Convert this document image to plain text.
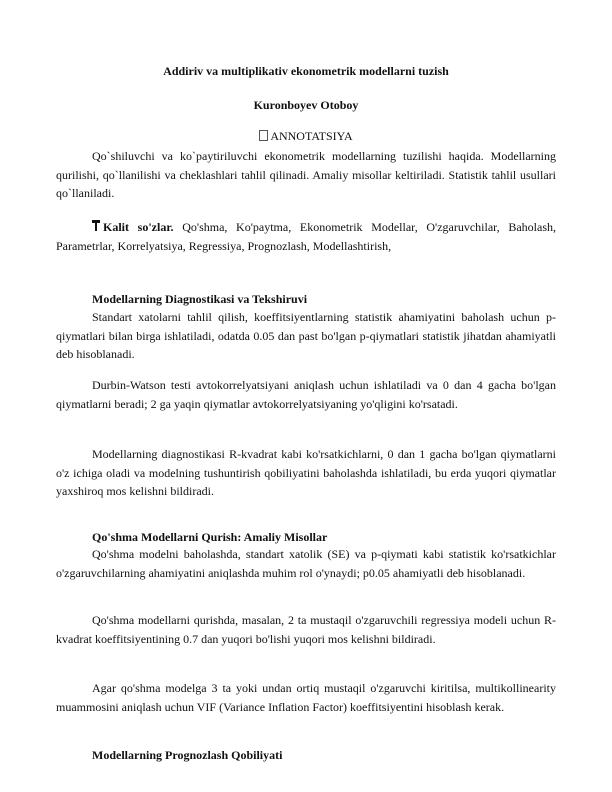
Addiriv va multiplikativ ekonometrik modellarni tuzish
Kuronboyev Otoboy
ANNOTATSIYA
Qo`shiluvchi va ko`paytiriluvchi ekonometrik modellarning tuzilishi haqida. Modellarning qurilishi, qo`llanilishi va cheklashlari tahlil qilinadi. Amaliy misollar keltiriladi. Statistik tahlil usullari qo`llaniladi.
Kalit so'zlar. Qo'shma, Ko'paytma, Ekonometrik Modellar, O'zgaruvchilar, Baholash, Parametrlar, Korrelyatsiya, Regressiya, Prognozlash, Modellashtirish,
Modellarning Diagnostikasi va Tekshiruvi
Standart xatolarni tahlil qilish, koeffitsiyentlarning statistik ahamiyatini baholash uchun p-qiymatlari bilan birga ishlatiladi, odatda 0.05 dan past bo'lgan p-qiymatlari statistik jihatdan ahamiyatli deb hisoblanadi.
Durbin-Watson testi avtokorrelyatsiyani aniqlash uchun ishlatiladi va 0 dan 4 gacha bo'lgan qiymatlarni beradi; 2 ga yaqin qiymatlar avtokorrelyatsiyaning yo'qligini ko'rsatadi.
Modellarning diagnostikasi R-kvadrat kabi ko'rsatkichlarni, 0 dan 1 gacha bo'lgan qiymatlarni o'z ichiga oladi va modelning tushuntirish qobiliyatini baholashda ishlatiladi, bu erda yuqori qiymatlar yaxshiroq mos kelishni bildiradi.
Qo'shma Modellarni Qurish: Amaliy Misollar
Qo'shma modelni baholashda, standart xatolik (SE) va p-qiymati kabi statistik ko'rsatkichlar o'zgaruvchilarning ahamiyatini aniqlashda muhim rol o'ynaydi; p0.05 ahamiyatli deb hisoblanadi.
Qo'shma modellarni qurishda, masalan, 2 ta mustaqil o'zgaruvchili regressiya modeli uchun R-kvadrat koeffitsiyentining 0.7 dan yuqori bo'lishi yuqori mos kelishni bildiradi.
Agar qo'shma modelga 3 ta yoki undan ortiq mustaqil o'zgaruvchi kiritilsa, multikollinearity muammosini aniqlash uchun VIF (Variance Inflation Factor) koeffitsiyentini hisoblash kerak.
Modellarning Prognozlash Qobiliyati
